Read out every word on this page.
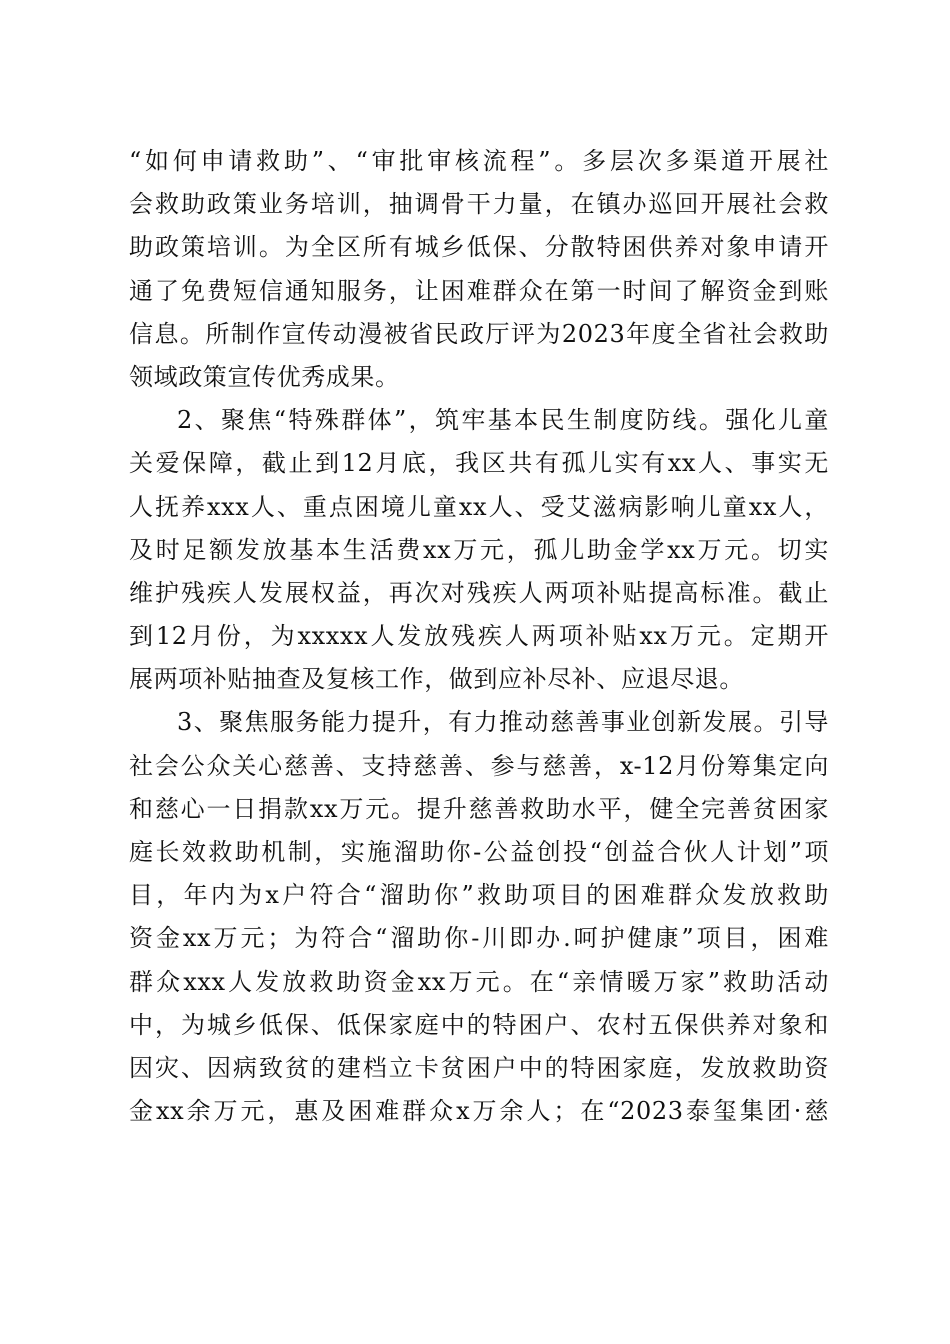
“如何申请救助”、“审批审核流程”。多层次多渠道开展社
会救助政策业务培训，抽调骨干力量，在镇办巡回开展社会救
助政策培训。为全区所有城乡低保、分散特困供养对象申请开
通了免费短信通知服务，让困难群众在第一时间了解资金到账
信息。所制作宣传动漫被省民政厅评为2023年度全省社会救助
领域政策宣传优秀成果。
2、聚焦“特殊群体”，筑牢基本民生制度防线。强化儿童
关爱保障，截止到12月底，我区共有孤儿实有xx人、事实无
人抚养xxx人、重点困境儿童xx人、受艾滋病影响儿童xx人，
及时足额发放基本生活费xx万元，孤儿助金学xx万元。切实
维护残疾人发展权益，再次对残疾人两项补贴提高标准。截止
到12月份，为xxxxx人发放残疾人两项补贴xx万元。定期开
展两项补贴抽查及复核工作，做到应补尽补、应退尽退。
3、聚焦服务能力提升，有力推动慈善事业创新发展。引导
社会公众关心慈善、支持慈善、参与慈善，x-12月份筹集定向
和慈心一日捐款xx万元。提升慈善救助水平，健全完善贫困家
庭长效救助机制，实施溜助你-公益创投“创益合伙人计划”项
目，年内为x户符合“溜助你”救助项目的困难群众发放救助
资金xx万元；为符合“溜助你-川即办.呵护健康”项目，困难
群众xxx人发放救助资金xx万元。在“亲情暖万家”救助活动
中，为城乡低保、低保家庭中的特困户、农村五保供养对象和
因灾、因病致贫的建档立卡贫困户中的特困家庭，发放救助资
金xx余万元，惠及困难群众x万余人；在“2023泰玺集团·慈
